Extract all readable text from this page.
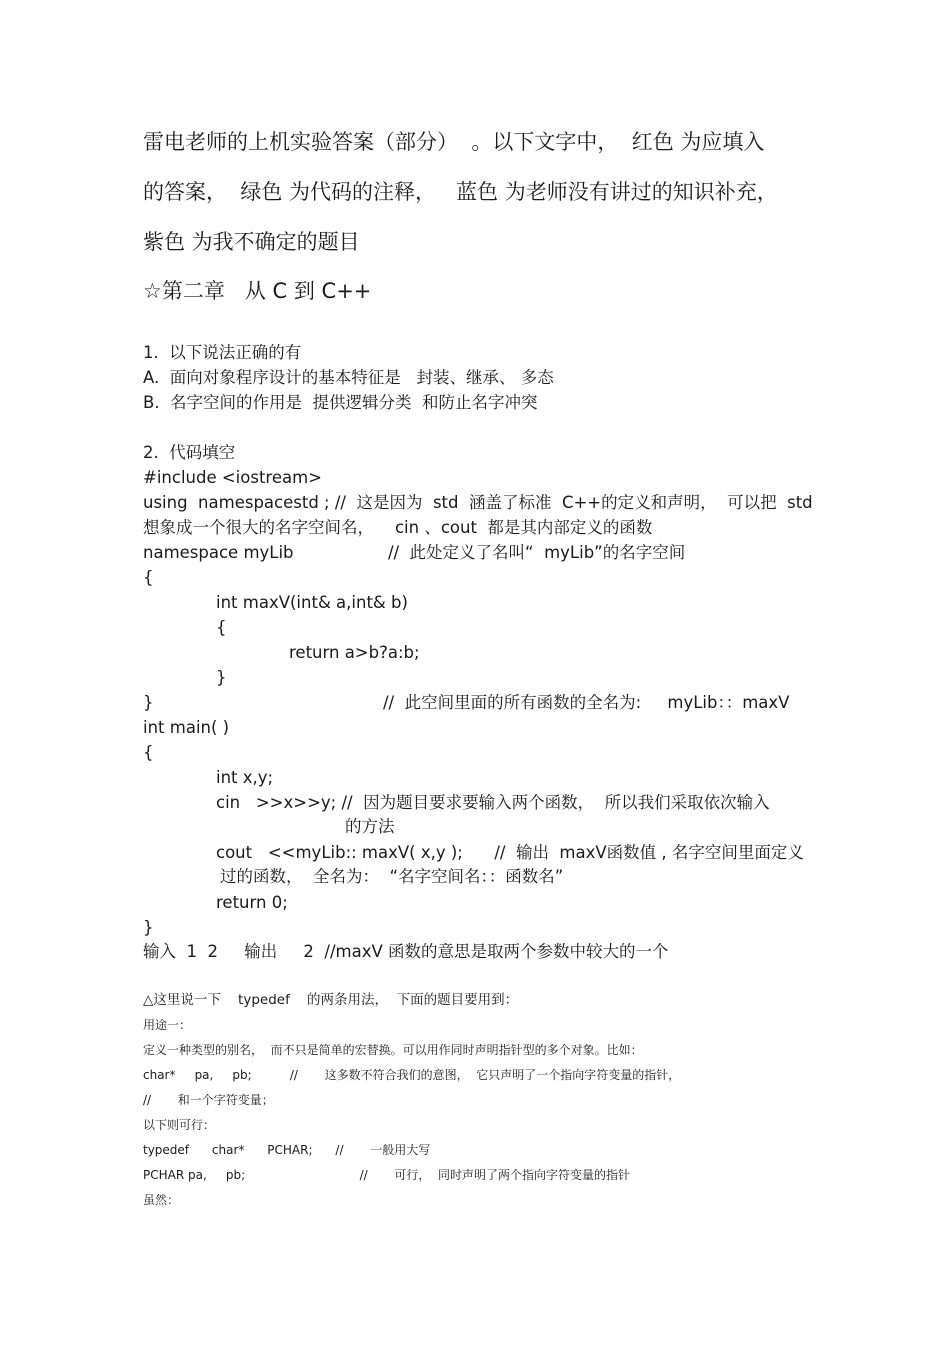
雷电老师的上机实验答案（部分）  。以下文字中，  红色 为应填入
的答案，  绿色 为代码的注释，   蓝色 为老师没有讲过的知识补充，
紫色 为我不确定的题目
☆第二章   从 C 到 C++
1.  以下说法正确的有
A.  面向对象程序设计的基本特征是   封装、继承、 多态
B.  名字空间的作用是  提供逻辑分类  和防止名字冲突
2.  代码填空
#include <iostream>
using  namespacestd ; //  这是因为  std  涵盖了标准  C++的定义和声明，  可以把  std
想象成一个很大的名字空间名，    cin 、cout  都是其内部定义的函数
namespace myLib                  //  此处定义了名叫“  myLib”的名字空间
{
int maxV(int& a,int& b)
{
return a>b?a:b;
}
}	//  此空间里面的所有函数的全名为:     myLib：：maxV
int main( )
{
int x,y;
cin   >>x>>y; //  因为题目要求要输入两个函数，  所以我们采取依次输入
的方法
cout   <<myLib:: maxV( x,y );      //  输出  maxV函数值 , 名字空间里面定义
过的函数，  全名为：  “名字空间名：：函数名”
return 0;
}
输入  1  2     输出     2  //maxV 函数的意思是取两个参数中较大的一个
△这里说一下    typedef    的两条用法，  下面的题目要用到：
用途一：
定义一种类型的别名，  而不只是简单的宏替换。可以用作同时声明指针型的多个对象。比如：
char*     pa,     pb;          //       这多数不符合我们的意图，  它只声明了一个指向字符变量的指针，
//       和一个字符变量；
以下则可行：
typedef      char*      PCHAR;      //       一般用大写
PCHAR pa,     pb;                              //       可行，  同时声明了两个指向字符变量的指针
虽然：
